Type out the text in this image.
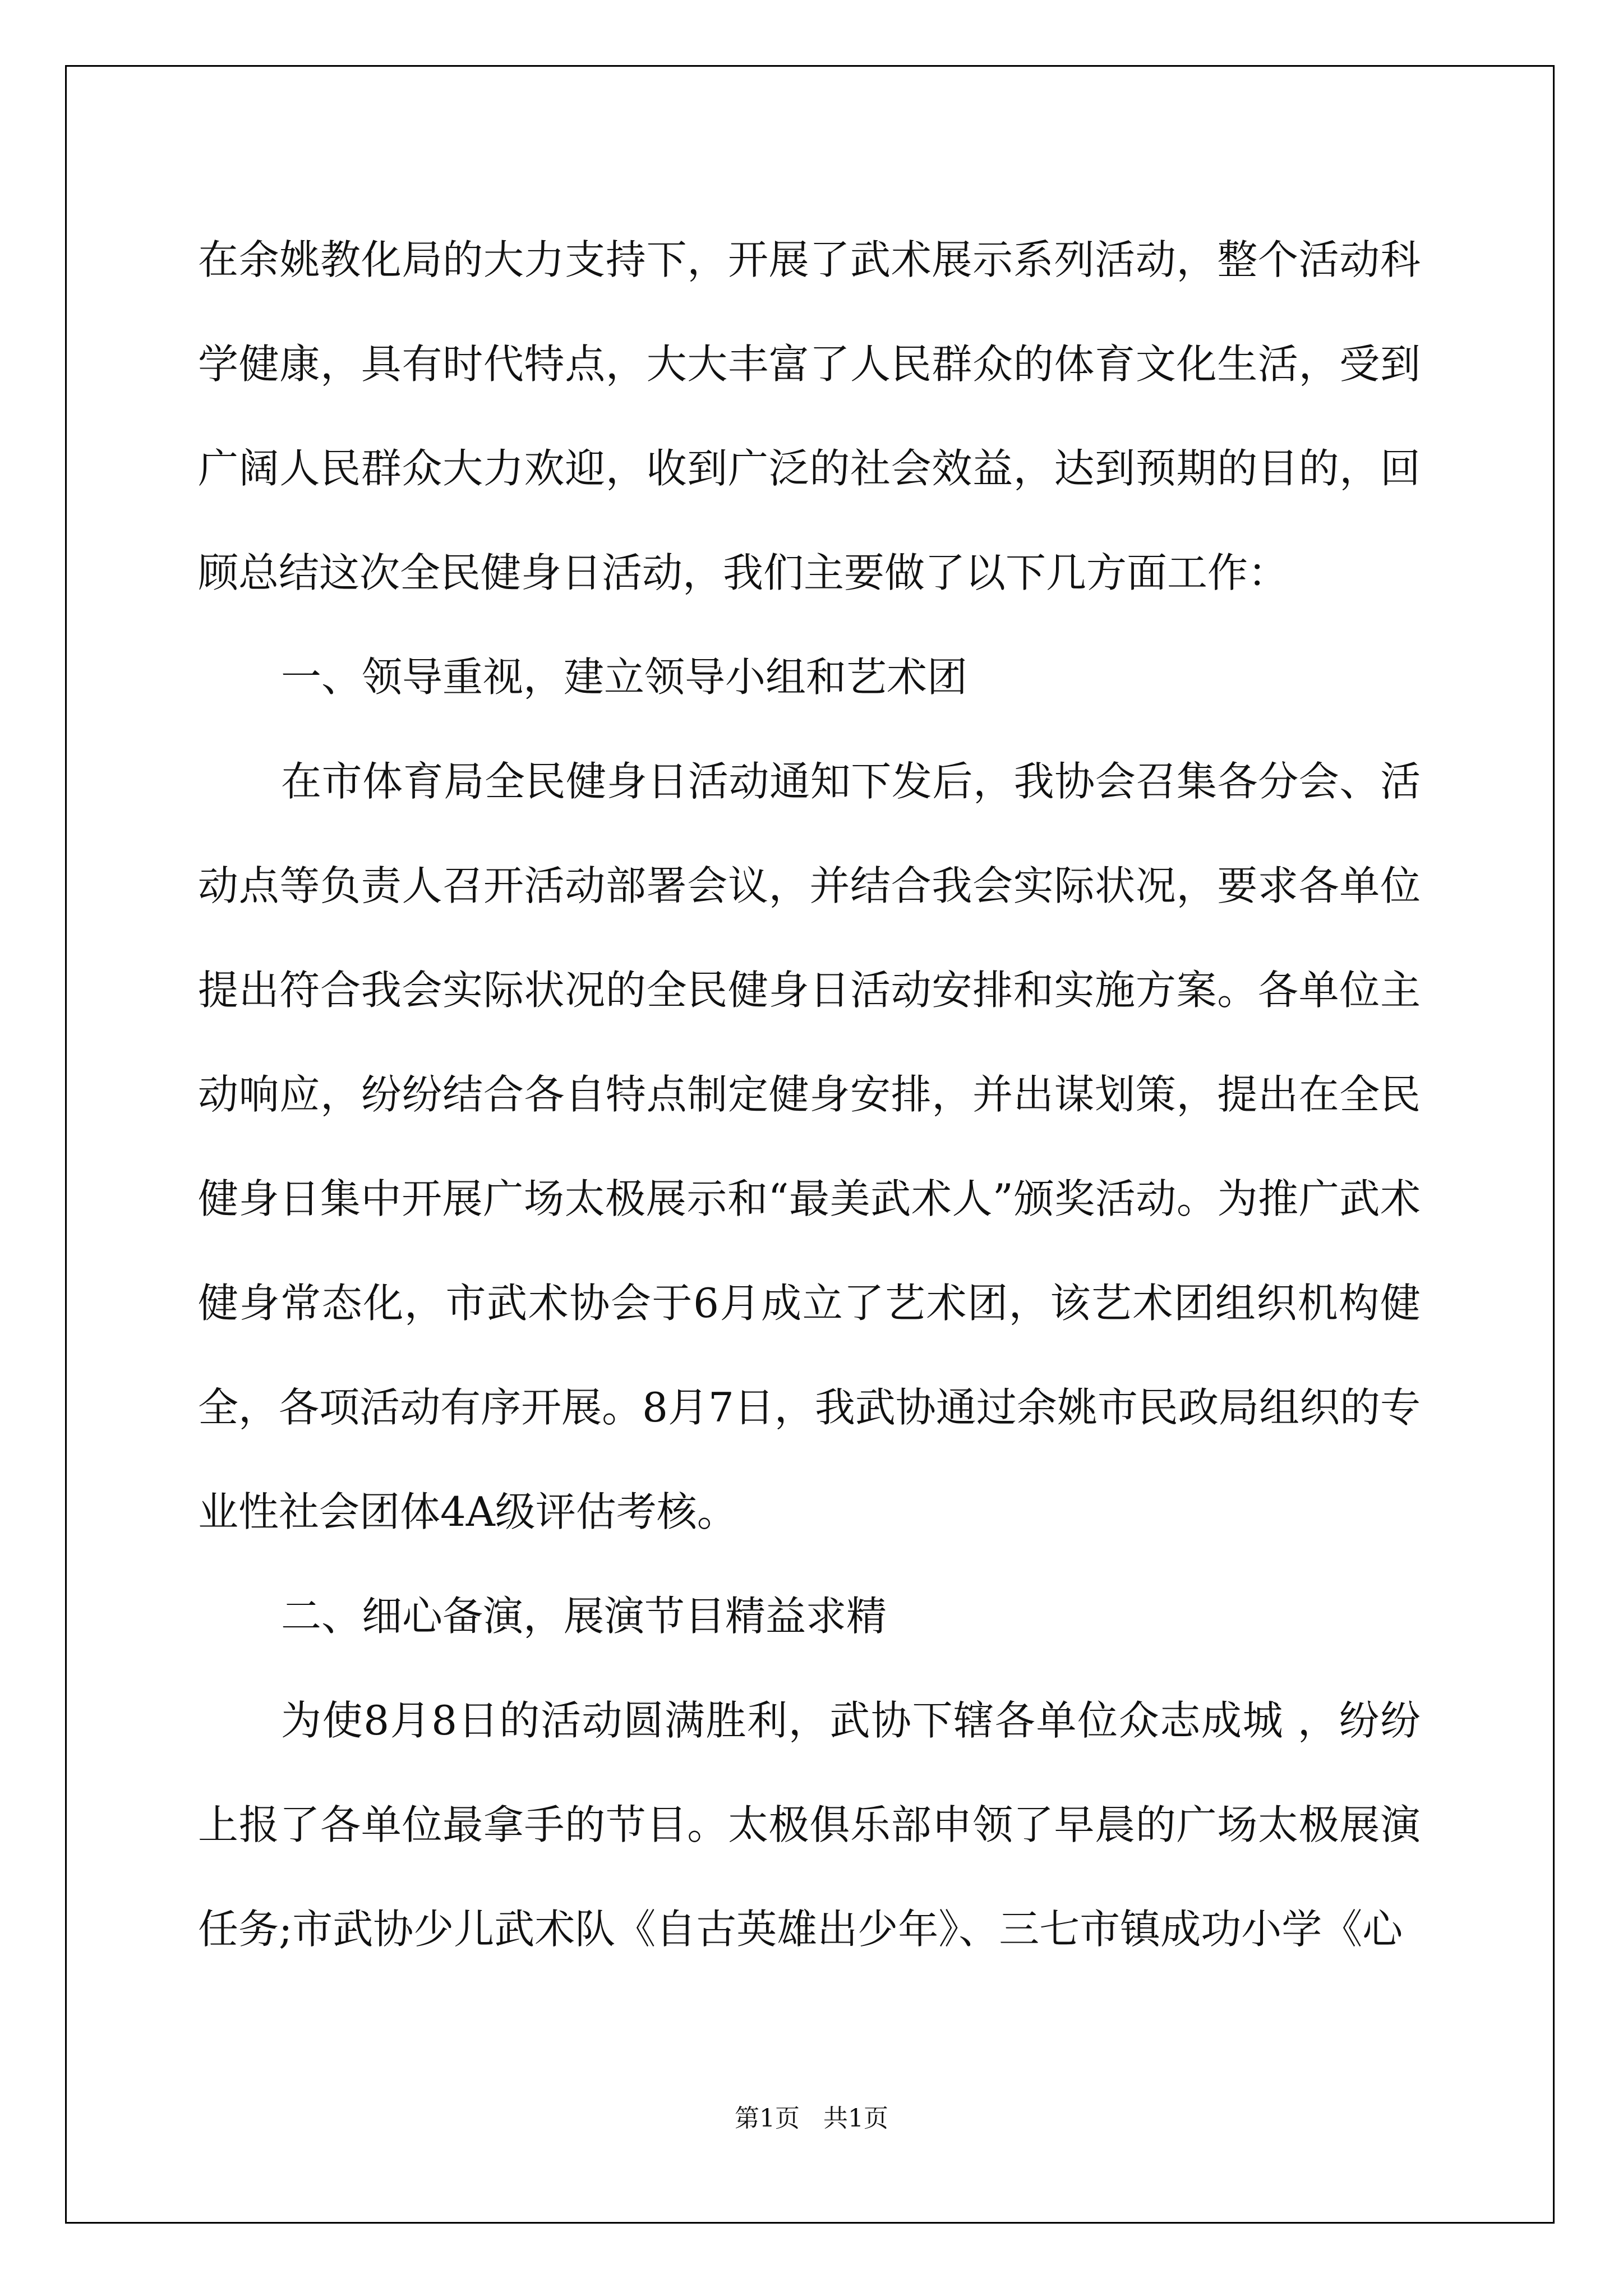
在余姚教化局的大力支持下，开展了武术展示系列活动，整个活动科学健康，具有时代特点，大大丰富了人民群众的体育文化生活，受到广阔人民群众大力欢迎，收到广泛的社会效益，达到预期的目的，回顾总结这次全民健身日活动，我们主要做了以下几方面工作：

一、领导重视，建立领导小组和艺术团

在市体育局全民健身日活动通知下发后，我协会召集各分会、活动点等负责人召开活动部署会议，并结合我会实际状况，要求各单位提出符合我会实际状况的全民健身日活动安排和实施方案。各单位主动响应，纷纷结合各自特点制定健身安排，并出谋划策，提出在全民健身日集中开展广场太极展示和“最美武术人”颁奖活动。为推广武术健身常态化，市武术协会于6月成立了艺术团，该艺术团组织机构健全，各项活动有序开展。8月7日，我武协通过余姚市民政局组织的专业性社会团体4A级评估考核。

二、细心备演，展演节目精益求精

为使8月8日的活动圆满胜利，武协下辖各单位众志成城 ，纷纷上报了各单位最拿手的节目。太极俱乐部申领了早晨的广场太极展演任务;市武协少儿武术队《自古英雄出少年》、三七市镇成功小学《心

第1页   共1页
